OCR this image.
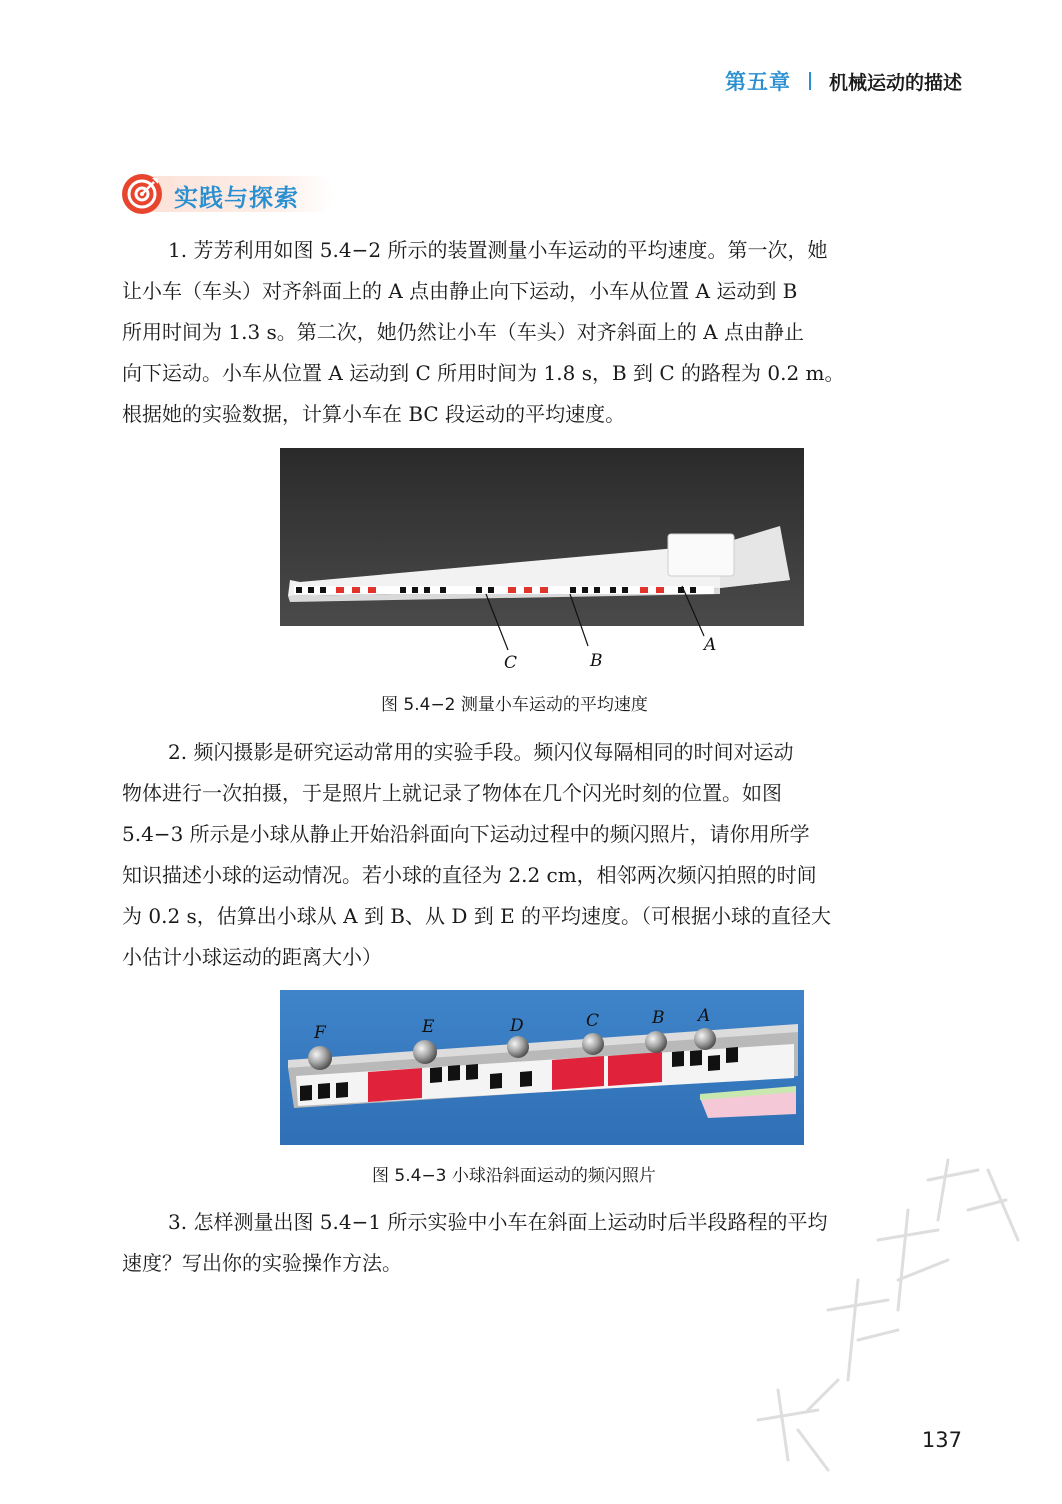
第五章 机械运动的描述
实践与探索
1. 芳芳利用如图 5.4−2 所示的装置测量小车运动的平均速度。第一次，她
让小车（车头）对齐斜面上的 A 点由静止向下运动，小车从位置 A 运动到 B
所用时间为 1.3 s。第二次，她仍然让小车（车头）对齐斜面上的 A 点由静止
向下运动。小车从位置 A 运动到 C 所用时间为 1.8 s，B 到 C 的路程为 0.2 m。
根据她的实验数据，计算小车在 BC 段运动的平均速度。
C	B
A
图 5.4−2 测量小车运动的平均速度
2. 频闪摄影是研究运动常用的实验手段。频闪仪每隔相同的时间对运动
物体进行一次拍摄，于是照片上就记录了物体在几个闪光时刻的位置。如图
5.4−3 所示是小球从静止开始沿斜面向下运动过程中的频闪照片，请你用所学
知识描述小球的运动情况。若小球的直径为 2.2 cm，相邻两次频闪拍照的时间
为 0.2 s，估算出小球从 A 到 B、从 D 到 E 的平均速度。（可根据小球的直径大
小估计小球运动的距离大小）
F	E	D	C	B A
图 5.4−3 小球沿斜面运动的频闪照片
3. 怎样测量出图 5.4−1 所示实验中小车在斜面上运动时后半段路程的平均
速度？写出你的实验操作方法。
137
